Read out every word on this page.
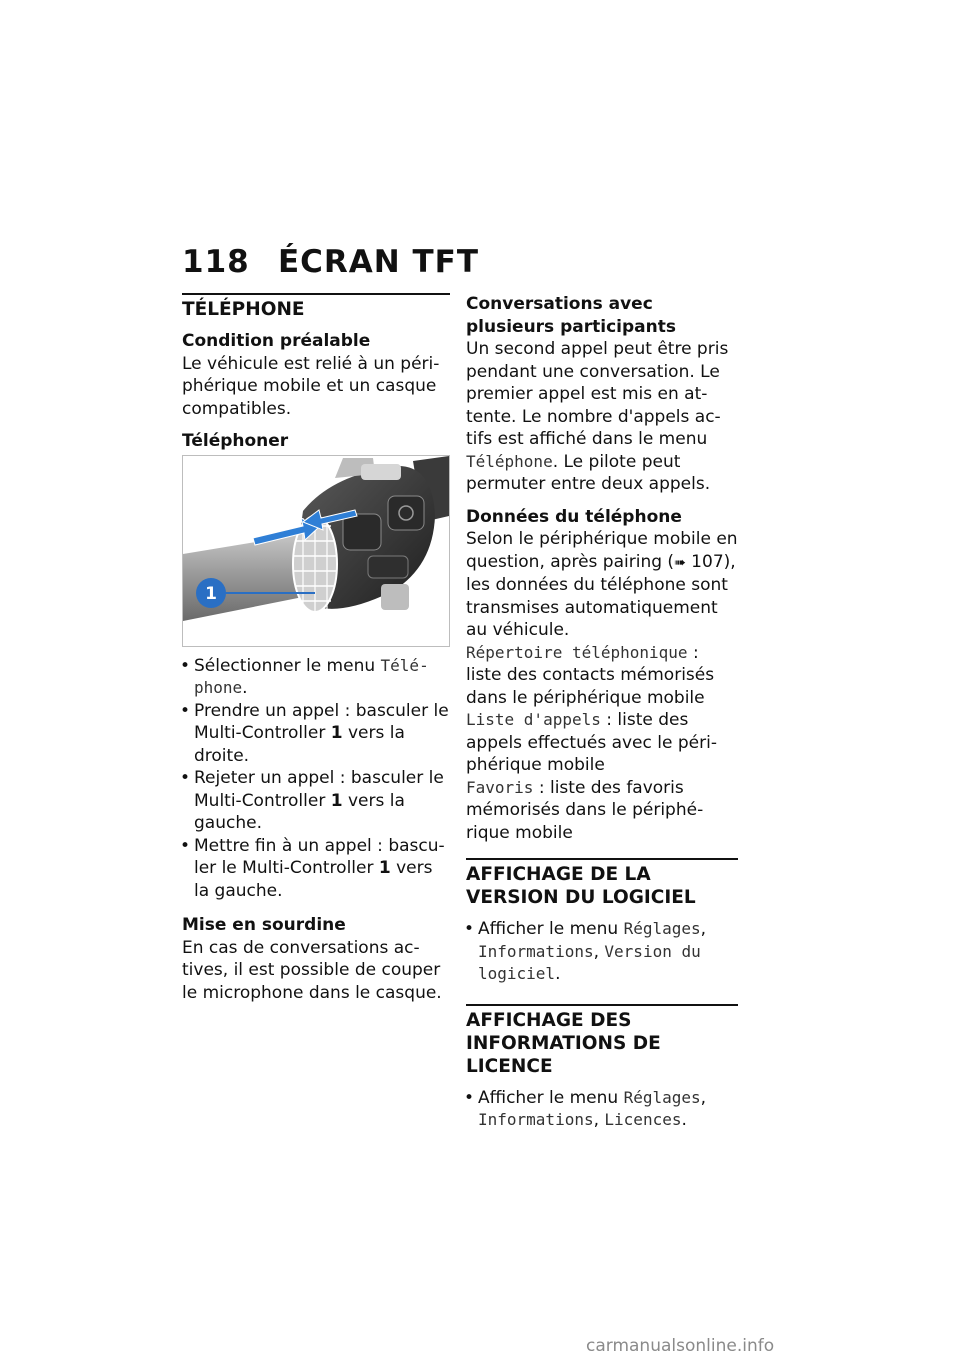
118 ÉCRAN TFT
TÉLÉPHONE
Condition préalable

Le véhicule est relié à un périphérique mobile et un casque compatibles.

Téléphoner
1
• Sélectionner le menu Téléphone.
• Prendre un appel : basculer le Multi-Controller 1 vers la droite.
• Rejeter un appel : basculer le Multi-Controller 1 vers la gauche.
• Mettre fin à un appel : basculer le Multi-Controller 1 vers la gauche.
Mise en sourdine

En cas de conversations actives, il est possible de couper le microphone dans le casque.

Conversations avec plusieurs participants

Un second appel peut être pris pendant une conversation. Le premier appel est mis en attente. Le nombre d'appels actifs est affiché dans le menu Téléphone. Le pilote peut permuter entre deux appels.

Données du téléphone

Selon le périphérique mobile en question, après pairing (➠ 107), les données du téléphone sont transmises automatiquement au véhicule.

Répertoire téléphonique : liste des contacts mémorisés dans le périphérique mobile

Liste d'appels : liste des appels effectués avec le périphérique mobile

Favoris : liste des favoris mémorisés dans le périphérique mobile

AFFICHAGE DE LA VERSION DU LOGICIEL
• Afficher le menu Réglages, Informations, Version du logiciel.
AFFICHAGE DES INFORMATIONS DE LICENCE
• Afficher le menu Réglages, Informations, Licences.
carmanualsonline.info
